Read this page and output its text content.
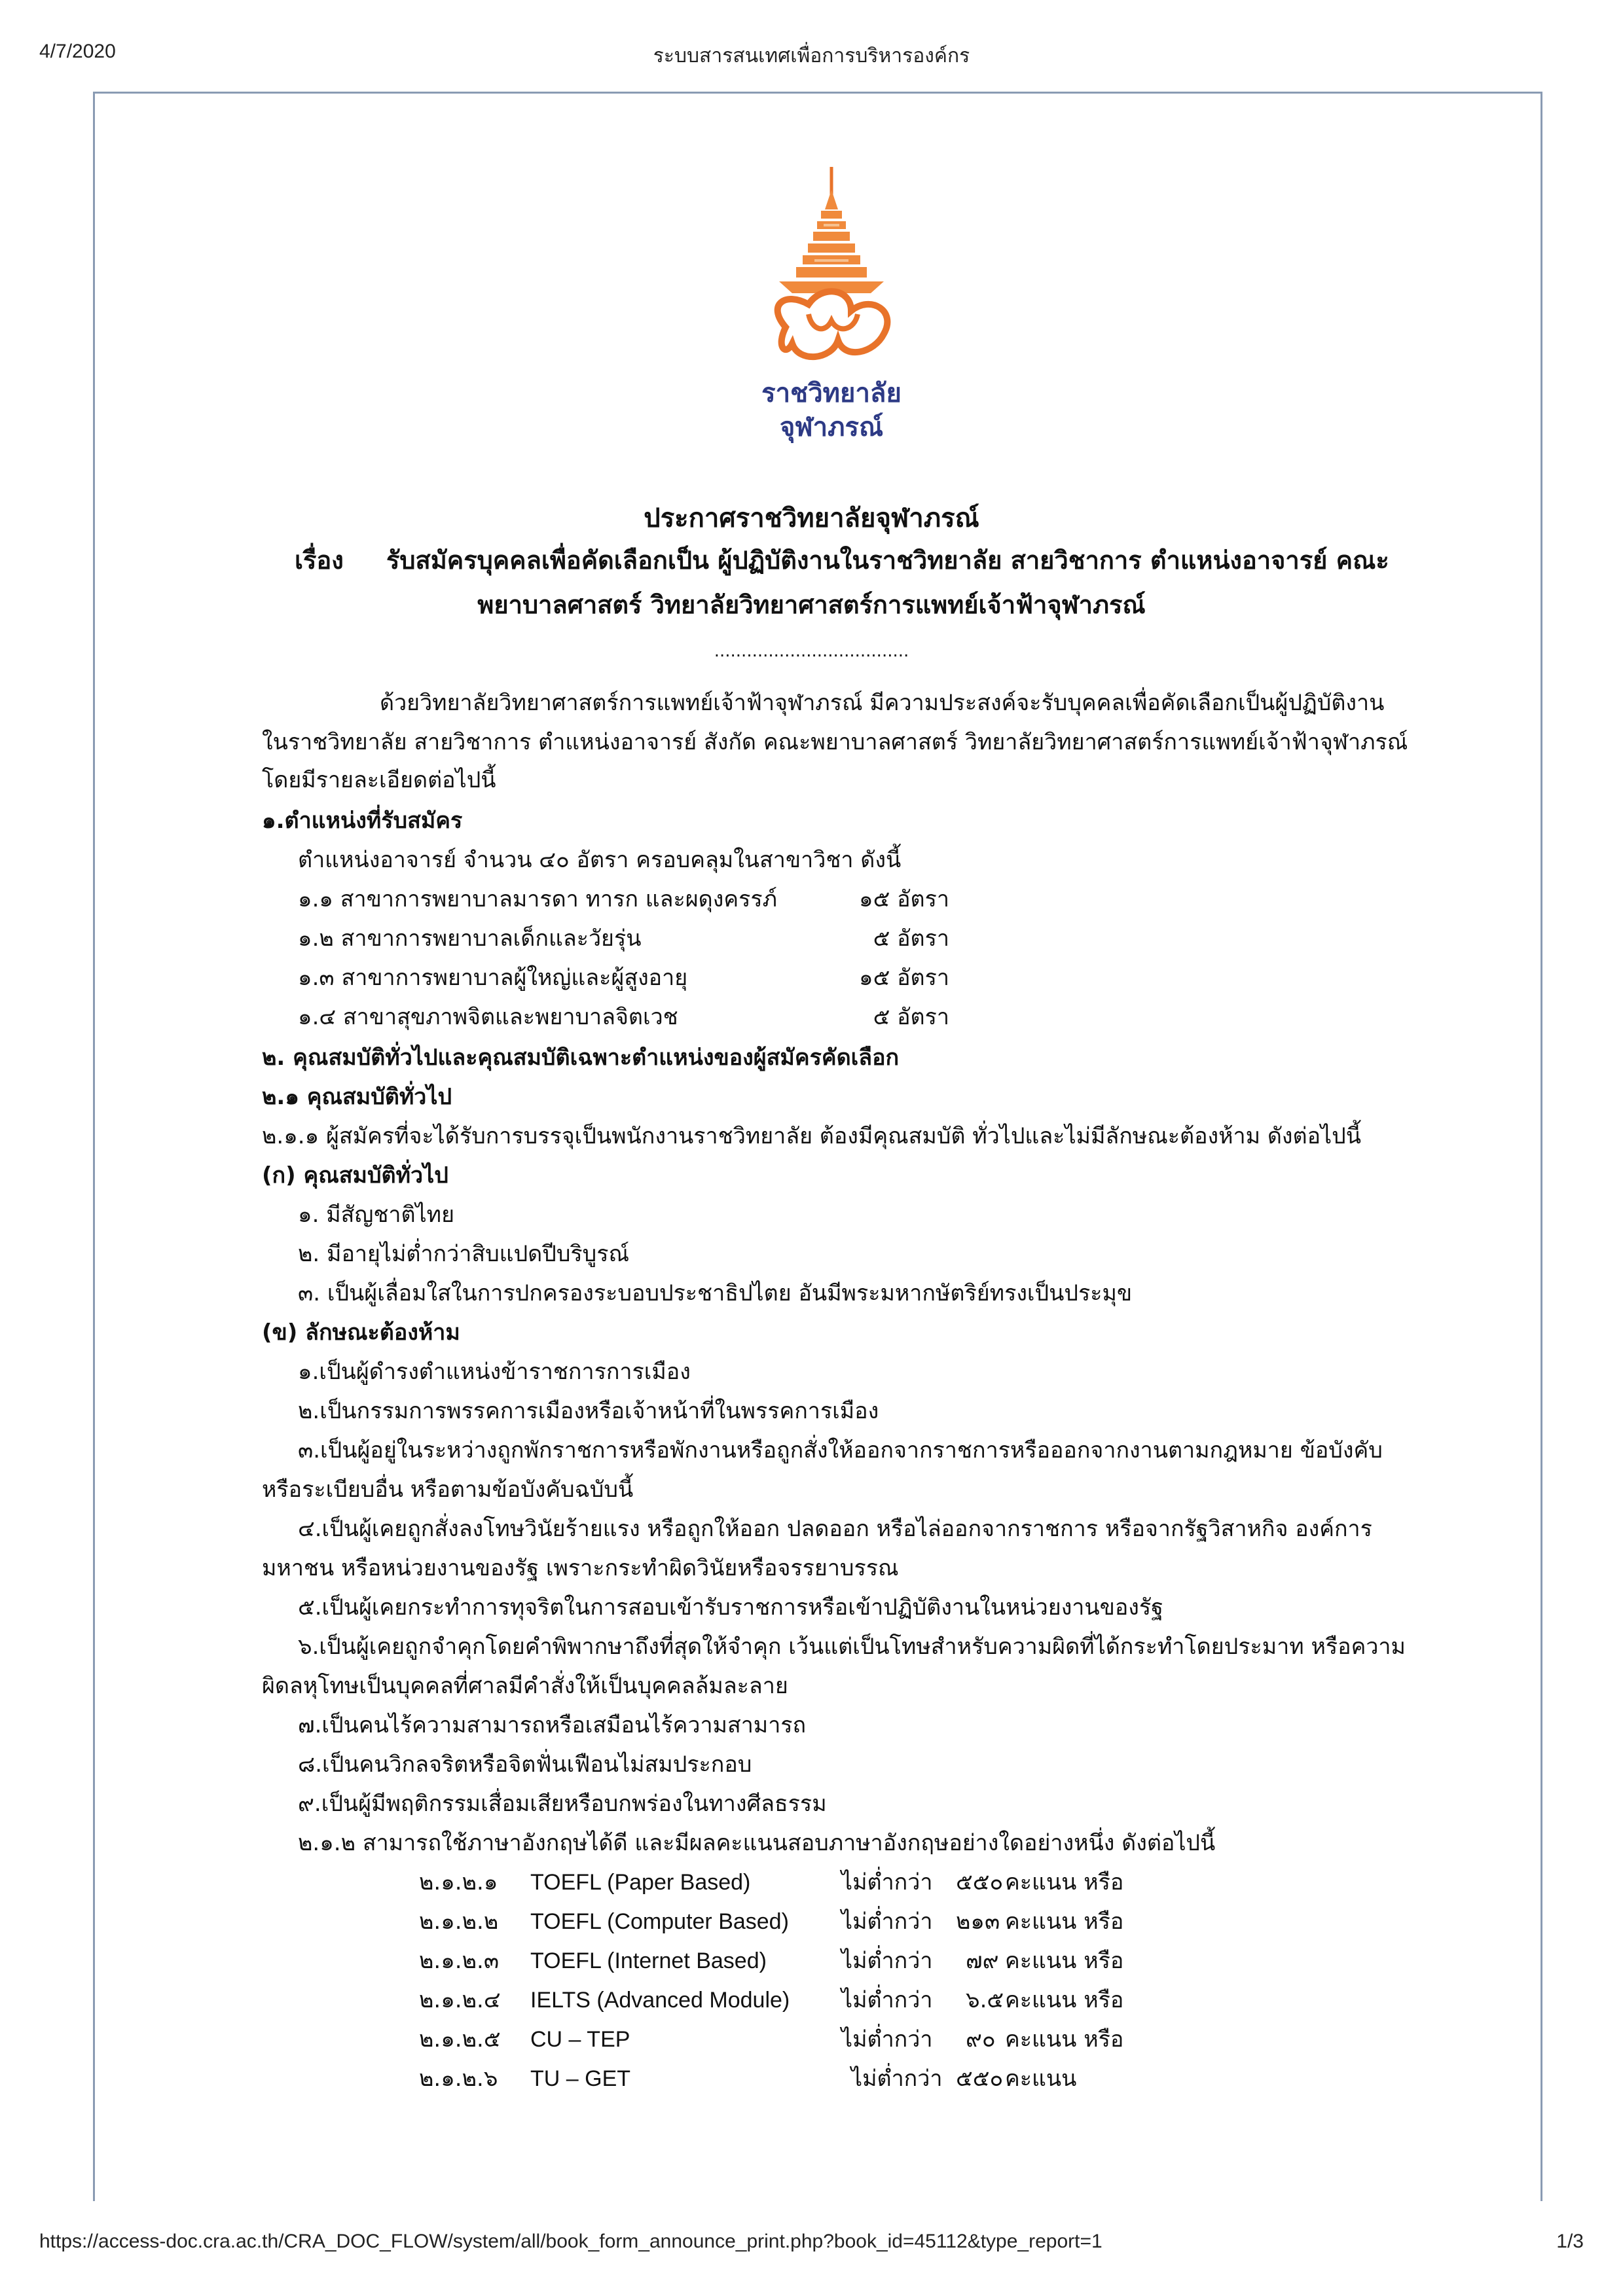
4/7/2020	ระบบสารสนเทศเพื่อการบริหารองค์กร
https://access-doc.cra.ac.th/CRA_DOC_FLOW/system/all/book_form_announce_print.php?book_id=45112&type_report=1	1/3
ราชวิทยาลัย
จุฬาภรณ์
ประกาศราชวิทยาลัยจุฬาภรณ์
เรื่อง รับสมัครบุคคลเพื่อคัดเลือกเป็น ผู้ปฏิบัติงานในราชวิทยาลัย สายวิชาการ ตำแหน่งอาจารย์ คณะ
พยาบาลศาสตร์ วิทยาลัยวิทยาศาสตร์การแพทย์เจ้าฟ้าจุฬาภรณ์
....................................
ด้วยวิทยาลัยวิทยาศาสตร์การแพทย์เจ้าฟ้าจุฬาภรณ์ มีความประสงค์จะรับบุคคลเพื่อคัดเลือกเป็นผู้ปฏิบัติงาน
ในราชวิทยาลัย สายวิชาการ ตำแหน่งอาจารย์ สังกัด คณะพยาบาลศาสตร์ วิทยาลัยวิทยาศาสตร์การแพทย์เจ้าฟ้าจุฬาภรณ์
โดยมีรายละเอียดต่อไปนี้
๑.ตำแหน่งที่รับสมัคร
ตำแหน่งอาจารย์ จำนวน ๔๐ อัตรา ครอบคลุมในสาขาวิชา ดังนี้
๑.๑ สาขาการพยาบาลมารดา ทารก และผดุงครรภ์	๑๕ อัตรา
๑.๒ สาขาการพยาบาลเด็กและวัยรุ่น	๕ อัตรา
๑.๓ สาขาการพยาบาลผู้ใหญ่และผู้สูงอายุ	๑๕ อัตรา
๑.๔ สาขาสุขภาพจิตและพยาบาลจิตเวช	๕ อัตรา
๒. คุณสมบัติทั่วไปและคุณสมบัติเฉพาะตำแหน่งของผู้สมัครคัดเลือก
๒.๑ คุณสมบัติทั่วไป
๒.๑.๑ ผู้สมัครที่จะได้รับการบรรจุเป็นพนักงานราชวิทยาลัย ต้องมีคุณสมบัติ ทั่วไปและไม่มีลักษณะต้องห้าม ดังต่อไปนี้
(ก) คุณสมบัติทั่วไป
๑. มีสัญชาติไทย
๒. มีอายุไม่ต่ำกว่าสิบแปดปีบริบูรณ์
๓. เป็นผู้เลื่อมใสในการปกครองระบอบประชาธิปไตย อันมีพระมหากษัตริย์ทรงเป็นประมุข
(ข) ลักษณะต้องห้าม
๑.เป็นผู้ดำรงตำแหน่งข้าราชการการเมือง
๒.เป็นกรรมการพรรคการเมืองหรือเจ้าหน้าที่ในพรรคการเมือง
๓.เป็นผู้อยู่ในระหว่างถูกพักราชการหรือพักงานหรือถูกสั่งให้ออกจากราชการหรือออกจากงานตามกฎหมาย ข้อบังคับ
หรือระเบียบอื่น หรือตามข้อบังคับฉบับนี้
๔.เป็นผู้เคยถูกสั่งลงโทษวินัยร้ายแรง หรือถูกให้ออก ปลดออก หรือไล่ออกจากราชการ หรือจากรัฐวิสาหกิจ องค์การ
มหาชน หรือหน่วยงานของรัฐ เพราะกระทำผิดวินัยหรือจรรยาบรรณ
๕.เป็นผู้เคยกระทำการทุจริตในการสอบเข้ารับราชการหรือเข้าปฏิบัติงานในหน่วยงานของรัฐ
๖.เป็นผู้เคยถูกจำคุกโดยคำพิพากษาถึงที่สุดให้จำคุก เว้นแต่เป็นโทษสำหรับความผิดที่ได้กระทำโดยประมาท หรือความ
ผิดลหุโทษเป็นบุคคลที่ศาลมีคำสั่งให้เป็นบุคคลล้มละลาย
๗.เป็นคนไร้ความสามารถหรือเสมือนไร้ความสามารถ
๘.เป็นคนวิกลจริตหรือจิตฟั่นเฟือนไม่สมประกอบ
๙.เป็นผู้มีพฤติกรรมเสื่อมเสียหรือบกพร่องในทางศีลธรรม
๒.๑.๒ สามารถใช้ภาษาอังกฤษได้ดี และมีผลคะแนนสอบภาษาอังกฤษอย่างใดอย่างหนึ่ง ดังต่อไปนี้
๒.๑.๒.๑ TOEFL (Paper Based)	ไม่ต่ำกว่า ๕๕๐ คะแนน หรือ
๒.๑.๒.๒ TOEFL (Computer Based) ไม่ต่ำกว่า ๒๑๓ คะแนน หรือ
๒.๑.๒.๓ TOEFL (Internet Based)	ไม่ต่ำกว่า ๗๙ คะแนน หรือ
๒.๑.๒.๔ IELTS (Advanced Module) ไม่ต่ำกว่า ๖.๕ คะแนน หรือ
๒.๑.๒.๕ CU – TEP	ไม่ต่ำกว่า ๙๐ คะแนน หรือ
๒.๑.๒.๖ TU – GET	ไม่ต่ำกว่า ๕๕๐ คะแนน
